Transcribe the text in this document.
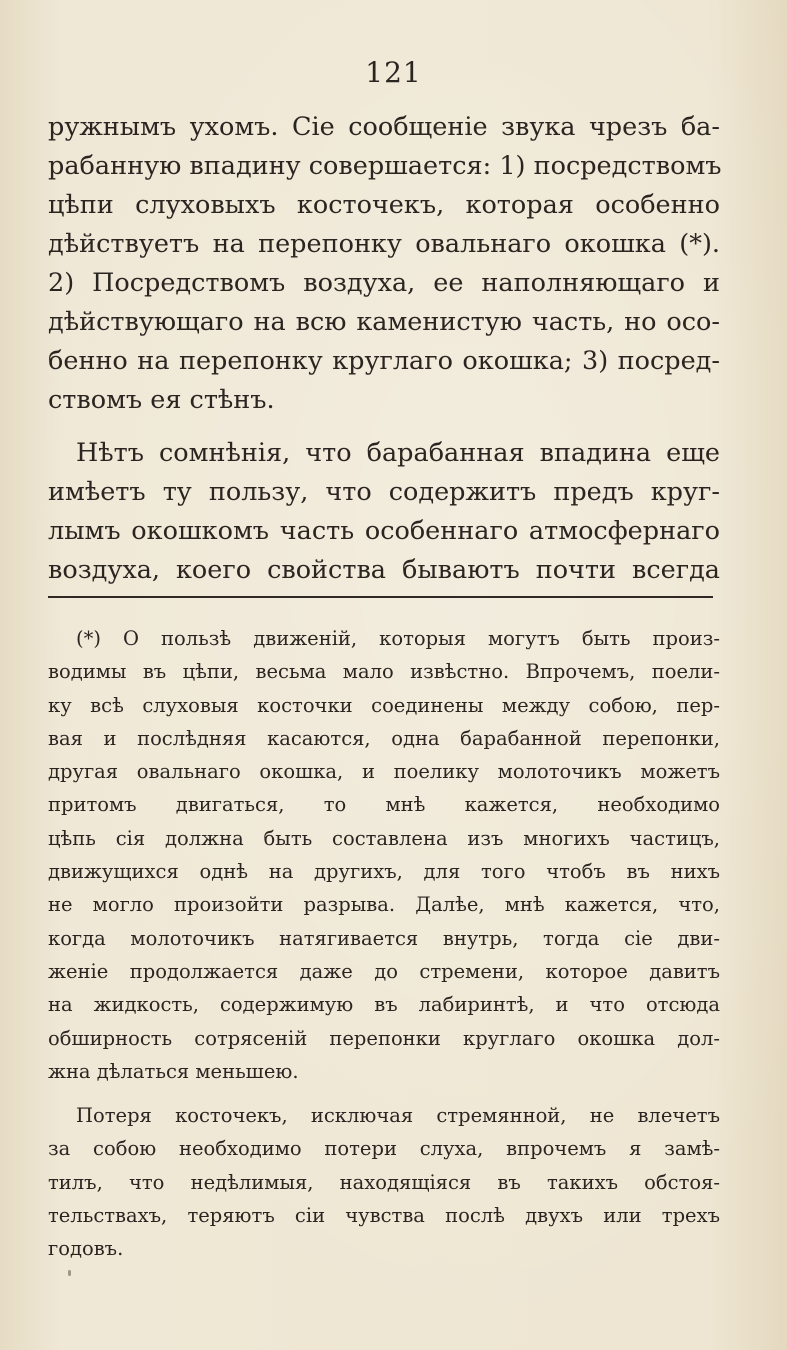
121
ружнымъ ухомъ. Сіе сообщеніе звука чрезъ ба-
рабанную впадину совершается: 1) посредствомъ
цѣпи слуховыхъ косточекъ, которая особенно
дѣйствуетъ на перепонку овальнаго окошка (*).
2) Посредствомъ воздуха, ее наполняющаго и
дѣйствующаго на всю каменистую часть, но осо-
бенно на перепонку круглаго окошка; 3) посред-
ствомъ ея стѣнъ.
Нѣтъ сомнѣнія, что барабанная впадина еще
имѣетъ ту пользу, что содержитъ предъ круг-
лымъ окошкомъ часть особеннаго атмосфернаго
воздуха, коего свойства бываютъ почти всегда
(*) О пользѣ движеній, которыя могутъ быть произ-
водимы въ цѣпи, весьма мало извѣстно. Впрочемъ, поели-
ку всѣ слуховыя косточки соединены между собою, пер-
вая и послѣдняя касаются, одна барабанной перепонки,
другая овальнаго окошка, и поелику молоточикъ можетъ
притомъ двигаться, то мнѣ кажется, необходимо
цѣпь сія должна быть составлена изъ многихъ частицъ,
движущихся однѣ на другихъ, для того чтобъ въ нихъ
не могло произойти разрыва. Далѣе, мнѣ кажется, что,
когда молоточикъ натягивается внутрь, тогда сіе дви-
женіе продолжается даже до стремени, которое давитъ
на жидкость, содержимую въ лабиринтѣ, и что отсюда
обширность сотрясеній перепонки круглаго окошка дол-
жна дѣлаться меньшею.
Потеря косточекъ, исключая стремянной, не влечетъ
за собою необходимо потери слуха, впрочемъ я замѣ-
тилъ, что недѣлимыя, находящіяся въ такихъ обстоя-
тельствахъ, теряютъ сіи чувства послѣ двухъ или трехъ
годовъ.
